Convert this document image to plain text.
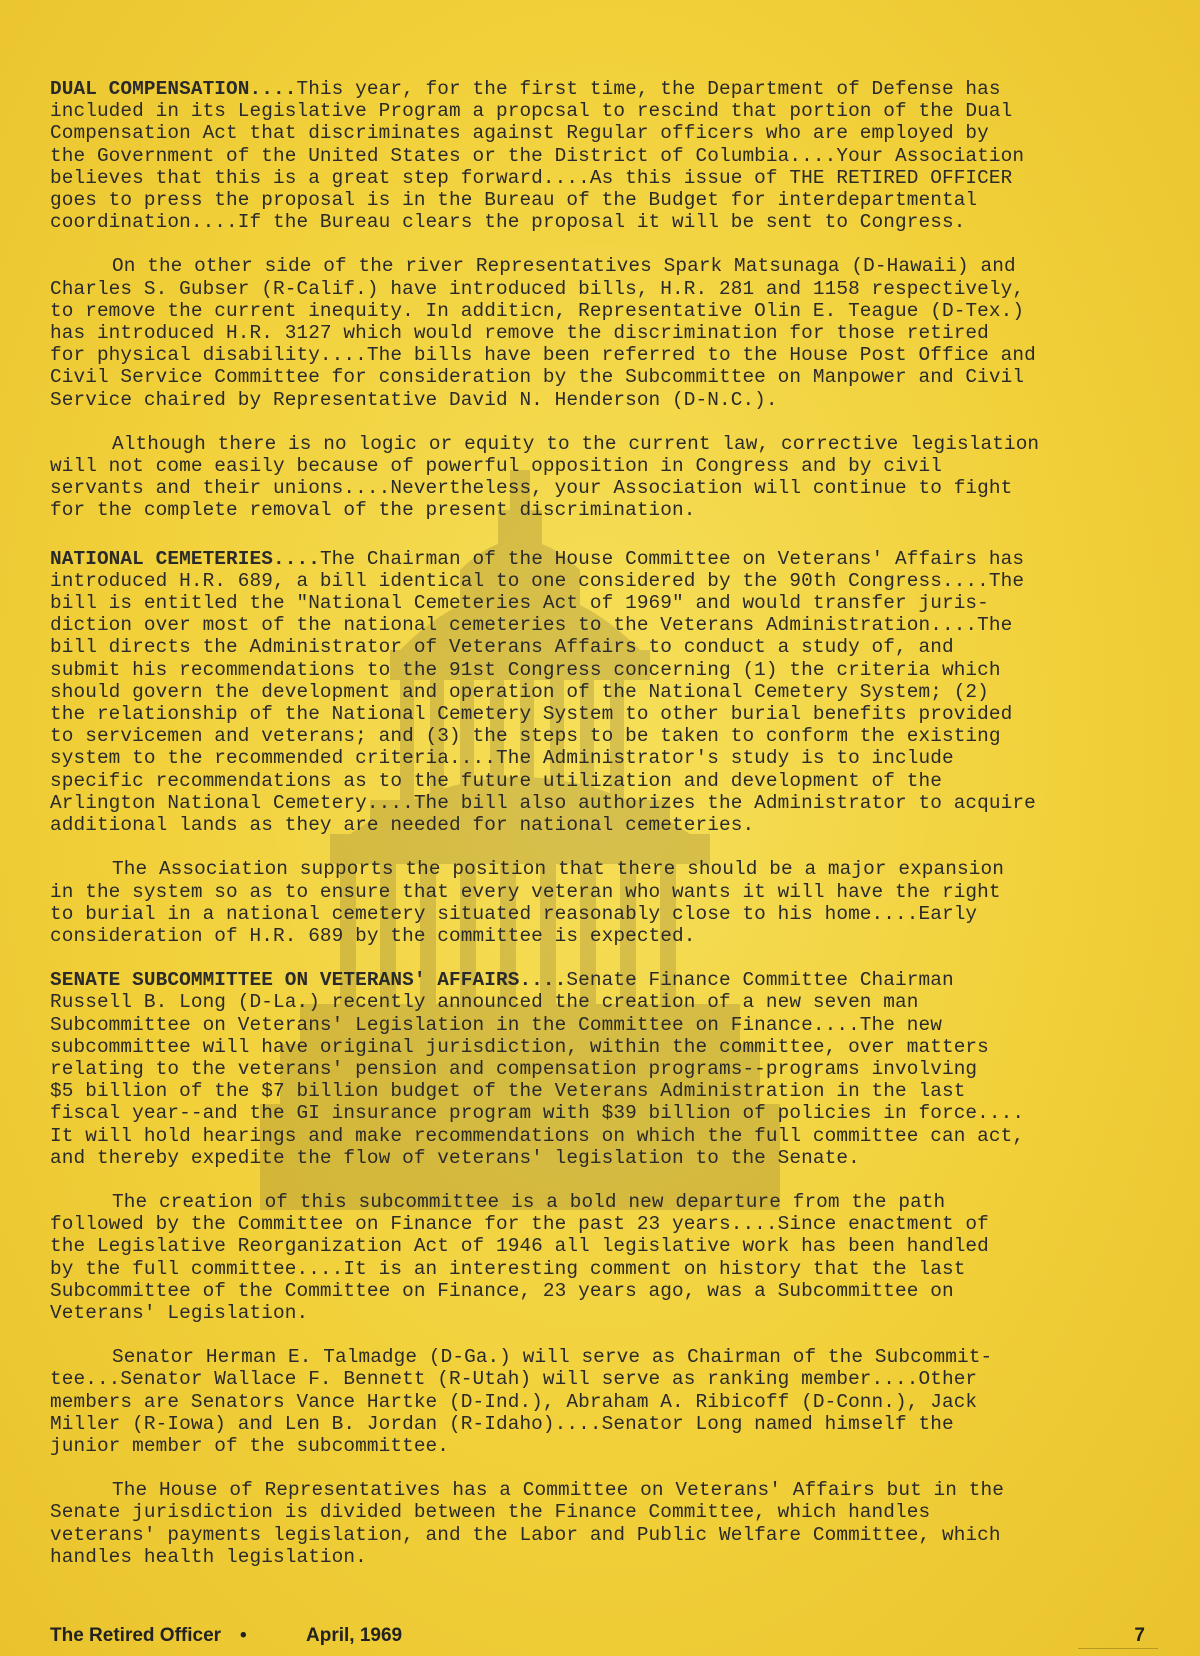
DUAL COMPENSATION....This year, for the first time, the Department of Defense has
included in its Legislative Program a propcsal to rescind that portion of the Dual
Compensation Act that discriminates against Regular officers who are employed by
the Government of the United States or the District of Columbia....Your Association
believes that this is a great step forward....As this issue of THE RETIRED OFFICER
goes to press the proposal is in the Bureau of the Budget for interdepartmental
coordination....If the Bureau clears the proposal it will be sent to Congress.

On the other side of the river Representatives Spark Matsunaga (D-Hawaii) and
Charles S. Gubser (R-Calif.) have introduced bills, H.R. 281 and 1158 respectively,
to remove the current inequity. In additicn, Representative Olin E. Teague (D-Tex.)
has introduced H.R. 3127 which would remove the discrimination for those retired
for physical disability....The bills have been referred to the House Post Office and
Civil Service Committee for consideration by the Subcommittee on Manpower and Civil
Service chaired by Representative David N. Henderson (D-N.C.).

Although there is no logic or equity to the current law, corrective legislation
will not come easily because of powerful opposition in Congress and by civil
servants and their unions....Nevertheless, your Association will continue to fight
for the complete removal of the present discrimination.

NATIONAL CEMETERIES....The Chairman of the House Committee on Veterans' Affairs has
introduced H.R. 689, a bill identical to one considered by the 90th Congress....The
bill is entitled the "National Cemeteries Act of 1969" and would transfer juris-
diction over most of the national cemeteries to the Veterans Administration....The
bill directs the Administrator of Veterans Affairs to conduct a study of, and
submit his recommendations to the 91st Congress concerning (1) the criteria which
should govern the development and operation of the National Cemetery System; (2)
the relationship of the National Cemetery System to other burial benefits provided
to servicemen and veterans; and (3) the steps to be taken to conform the existing
system to the recommended criteria....The Administrator's study is to include
specific recommendations as to the future utilization and development of the
Arlington National Cemetery....The bill also authorizes the Administrator to acquire
additional lands as they are needed for national cemeteries.

The Association supports the position that there should be a major expansion
in the system so as to ensure that every veteran who wants it will have the right
to burial in a national cemetery situated reasonably close to his home....Early
consideration of H.R. 689 by the committee is expected.

SENATE SUBCOMMITTEE ON VETERANS' AFFAIRS....Senate Finance Committee Chairman
Russell B. Long (D-La.) recently announced the creation of a new seven man
Subcommittee on Veterans' Legislation in the Committee on Finance....The new
subcommittee will have original jurisdiction, within the committee, over matters
relating to the veterans' pension and compensation programs--programs involving
$5 billion of the $7 billion budget of the Veterans Administration in the last
fiscal year--and the GI insurance program with $39 billion of policies in force....
It will hold hearings and make recommendations on which the full committee can act,
and thereby expedite the flow of veterans' legislation to the Senate.

The creation of this subcommittee is a bold new departure from the path
followed by the Committee on Finance for the past 23 years....Since enactment of
the Legislative Reorganization Act of 1946 all legislative work has been handled
by the full committee....It is an interesting comment on history that the last
Subcommittee of the Committee on Finance, 23 years ago, was a Subcommittee on
Veterans' Legislation.

Senator Herman E. Talmadge (D-Ga.) will serve as Chairman of the Subcommit-
tee...Senator Wallace F. Bennett (R-Utah) will serve as ranking member....Other
members are Senators Vance Hartke (D-Ind.), Abraham A. Ribicoff (D-Conn.), Jack
Miller (R-Iowa) and Len B. Jordan (R-Idaho)....Senator Long named himself the
junior member of the subcommittee.

The House of Representatives has a Committee on Veterans' Affairs but in the
Senate jurisdiction is divided between the Finance Committee, which handles
veterans' payments legislation, and the Labor and Public Welfare Committee, which
handles health legislation.

The Retired Officer •	April, 1969	7
